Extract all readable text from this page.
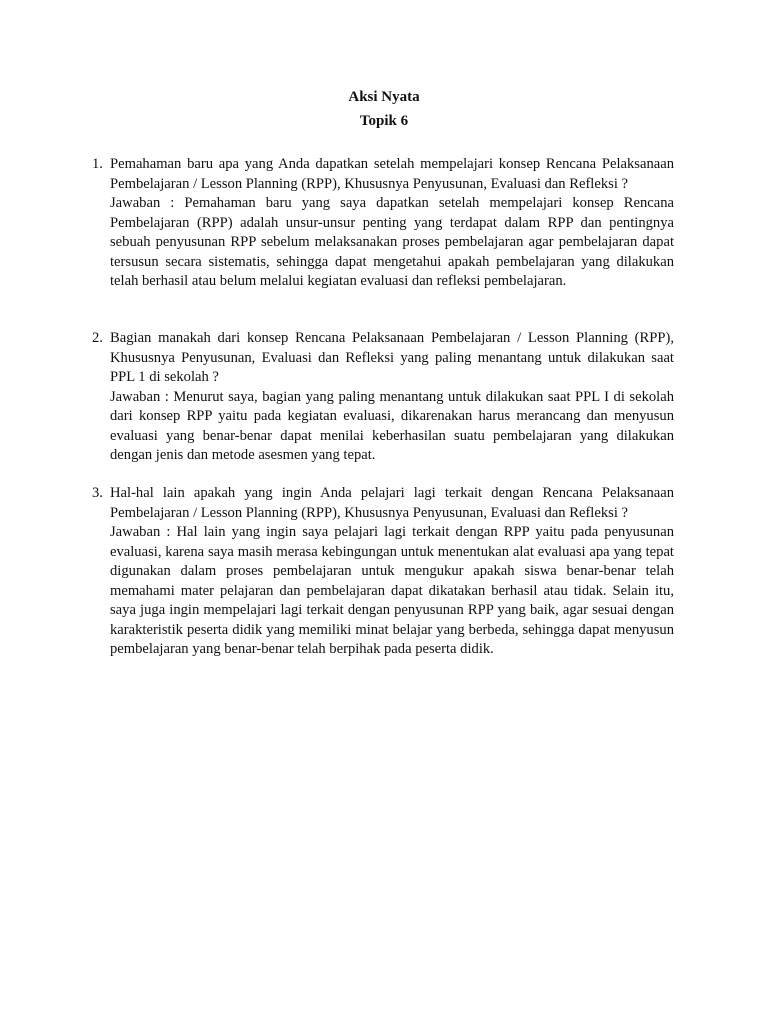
Aksi Nyata
Topik 6
1. Pemahaman baru apa yang Anda dapatkan setelah mempelajari konsep Rencana Pelaksanaan Pembelajaran / Lesson Planning (RPP), Khususnya Penyusunan, Evaluasi dan Refleksi ?

Jawaban : Pemahaman baru yang saya dapatkan setelah mempelajari konsep Rencana Pembelajaran (RPP) adalah unsur-unsur penting yang terdapat dalam RPP dan pentingnya sebuah penyusunan RPP sebelum melaksanakan proses pembelajaran agar pembelajaran dapat tersusun secara sistematis, sehingga dapat mengetahui apakah pembelajaran yang dilakukan telah berhasil atau belum melalui kegiatan evaluasi dan refleksi pembelajaran.

2. Bagian manakah dari konsep Rencana Pelaksanaan Pembelajaran / Lesson Planning (RPP), Khususnya Penyusunan, Evaluasi dan Refleksi yang paling menantang untuk dilakukan saat PPL 1 di sekolah ?

Jawaban : Menurut saya, bagian yang paling menantang untuk dilakukan saat PPL I di sekolah dari konsep RPP yaitu pada kegiatan evaluasi, dikarenakan harus merancang dan menyusun evaluasi yang benar-benar dapat menilai keberhasilan suatu pembelajaran yang dilakukan dengan jenis dan metode asesmen yang tepat.

3. Hal-hal lain apakah yang ingin Anda pelajari lagi terkait dengan Rencana Pelaksanaan Pembelajaran / Lesson Planning (RPP), Khususnya Penyusunan, Evaluasi dan Refleksi ?

Jawaban : Hal lain yang ingin saya pelajari lagi terkait dengan RPP yaitu pada penyusunan evaluasi, karena saya masih merasa kebingungan untuk menentukan alat evaluasi apa yang tepat digunakan dalam proses pembelajaran untuk mengukur apakah siswa benar-benar telah memahami mater pelajaran dan pembelajaran dapat dikatakan berhasil atau tidak. Selain itu, saya juga ingin mempelajari lagi terkait dengan penyusunan RPP yang baik, agar sesuai dengan karakteristik peserta didik yang memiliki minat belajar yang berbeda, sehingga dapat menyusun pembelajaran yang benar-benar telah berpihak pada peserta didik.
